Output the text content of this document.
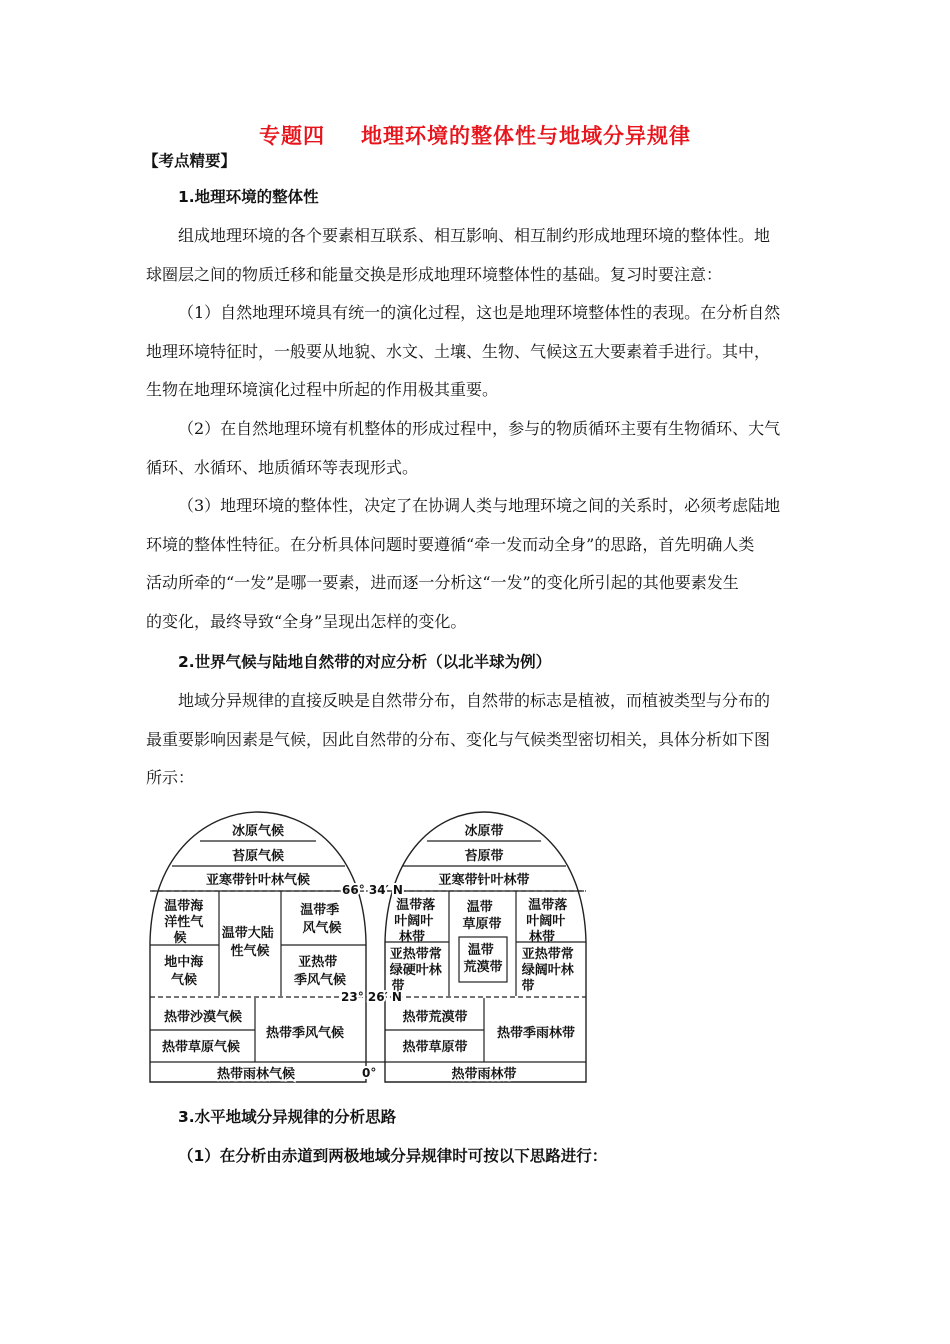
专题四 地理环境的整体性与地域分异规律
【考点精要】
1.地理环境的整体性
组成地理环境的各个要素相互联系、相互影响、相互制约形成地理环境的整体性。地
球圈层之间的物质迁移和能量交换是形成地理环境整体性的基础。复习时要注意：
（1）自然地理环境具有统一的演化过程，这也是地理环境整体性的表现。在分析自然
地理环境特征时，一般要从地貌、水文、土壤、生物、气候这五大要素着手进行。其中，
生物在地理环境演化过程中所起的作用极其重要。
（2）在自然地理环境有机整体的形成过程中，参与的物质循环主要有生物循环、大气
循环、水循环、地质循环等表现形式。
（3）地理环境的整体性，决定了在协调人类与地理环境之间的关系时，必须考虑陆地
环境的整体性特征。在分析具体问题时要遵循“牵一发而动全身”的思路，首先明确人类
活动所牵的“一发”是哪一要素，进而逐一分析这“一发”的变化所引起的其他要素发生
的变化，最终导致“全身”呈现出怎样的变化。
2.世界气候与陆地自然带的对应分析（以北半球为例）
地域分异规律的直接反映是自然带分布，自然带的标志是植被，而植被类型与分布的
最重要影响因素是气候，因此自然带的分布、变化与气候类型密切相关，具体分析如下图
所示：
66° 34′ N
23° 26′ N
0°
冰原气候
苔原气候
亚寒带针叶林气候
温带海 洋性气 候	温带大陆 性气候
温带季 风气候
地中海 气候
亚热带 季风气候
热带沙漠气候
热带草原气候
热带季风气候
热带雨林气候
冰原带
苔原带
亚寒带针叶林带
温带落 叶阔叶 林带
温带 草原带
温带 荒漠带
温带落 叶阔叶 林带
亚热带常 绿硬叶林 带
亚热带常 绿阔叶林 带
热带荒漠带
热带草原带
热带季雨林带
热带雨林带
3.水平地域分异规律的分析思路
（1）在分析由赤道到两极地域分异规律时可按以下思路进行：
